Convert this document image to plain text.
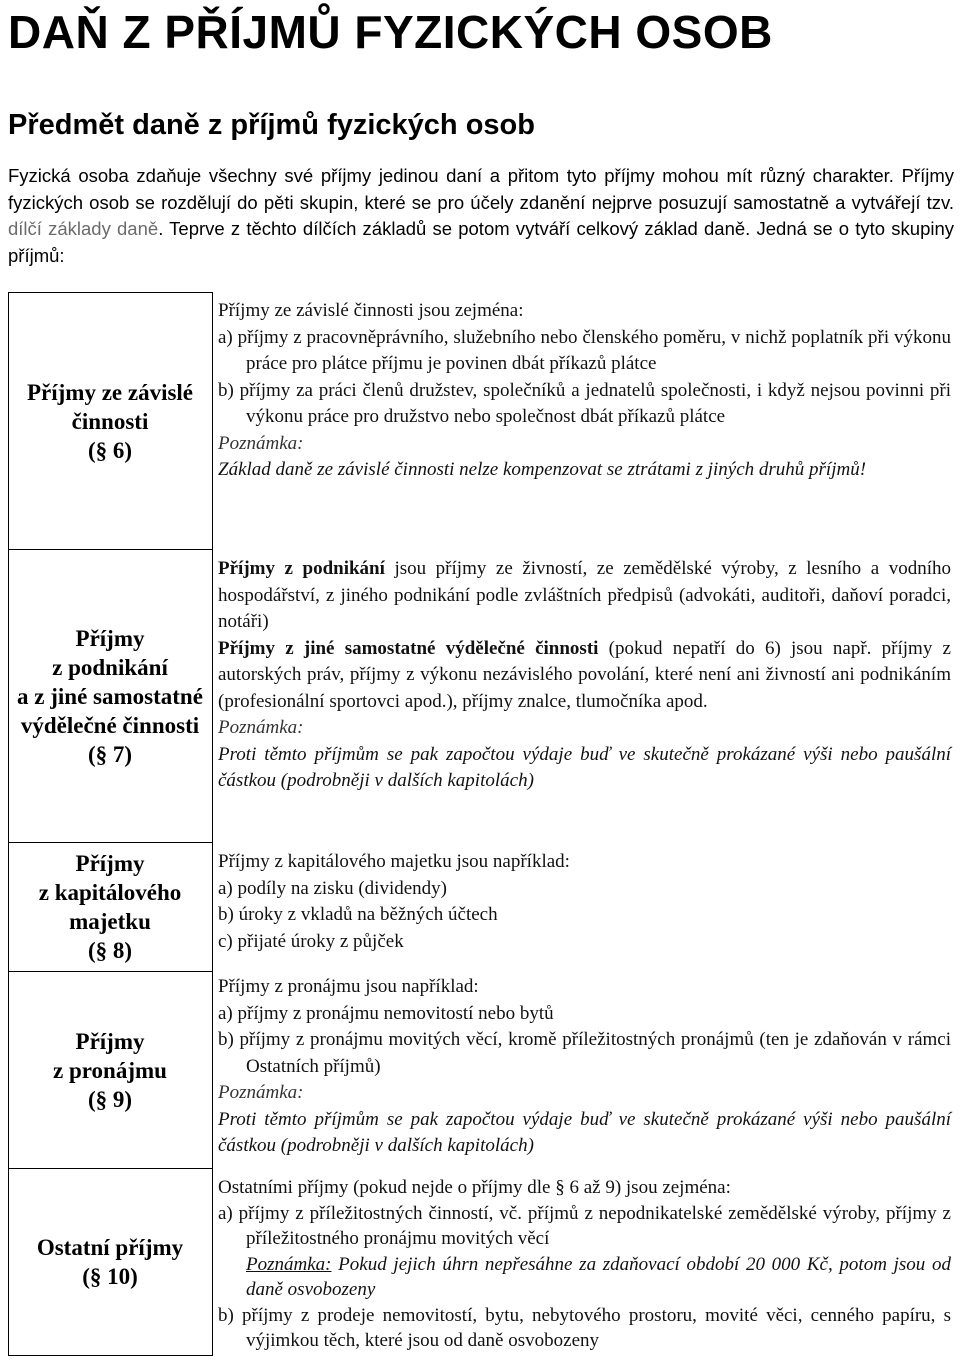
DAŇ Z PŘÍJMŮ FYZICKÝCH OSOB
Předmět daně z příjmů fyzických osob

Fyzická osoba zdaňuje všechny své příjmy jedinou daní a přitom tyto příjmy mohou mít různý charakter. Příjmy fyzických osob se rozdělují do pěti skupin, které se pro účely zdanění nejprve posuzují samostatně a vytvářejí tzv. dílčí základy daně. Teprve z těchto dílčích základů se potom vytváří celkový základ daně. Jedná se o tyto skupiny příjmů:

Příjmy ze závislé
činnosti
(§ 6)

Příjmy ze závislé činnosti jsou zejména:

a) příjmy z pracovněprávního, služebního nebo členského poměru, v nichž poplatník při výkonu práce pro plátce příjmu je povinen dbát příkazů plátce

b) příjmy za práci členů družstev, společníků a jednatelů společnosti, i když nejsou povinni při výkonu práce pro družstvo nebo společnost dbát příkazů plátce

Poznámka:

Základ daně ze závislé činnosti nelze kompenzovat se ztrátami z jiných druhů příjmů!

Příjmy
z podnikání
a z jiné samostatné
výdělečné činnosti
(§ 7)

Příjmy z podnikání jsou příjmy ze živností, ze zemědělské výroby, z lesního a vodního hospodářství, z jiného podnikání podle zvláštních předpisů (advokáti, auditoři, daňoví poradci, notáři)

Příjmy z jiné samostatné výdělečné činnosti (pokud nepatří do 6) jsou např. příjmy z autorských práv, příjmy z výkonu nezávislého povolání, které není ani živností ani podnikáním (profesionální sportovci apod.), příjmy znalce, tlumočníka apod.

Poznámka:

Proti těmto příjmům se pak započtou výdaje buď ve skutečně prokázané výši nebo paušální částkou (podrobněji v dalších kapitolách)

Příjmy
z kapitálového
majetku
(§ 8)

Příjmy z kapitálového majetku jsou například:

a) podíly na zisku (dividendy)

b) úroky z vkladů na běžných účtech

c) přijaté úroky z půjček

Příjmy
z pronájmu
(§ 9)

Příjmy z pronájmu jsou například:

a) příjmy z pronájmu nemovitostí nebo bytů

b) příjmy z pronájmu movitých věcí, kromě příležitostných pronájmů (ten je zdaňován v rámci Ostatních příjmů)

Poznámka:

Proti těmto příjmům se pak započtou výdaje buď ve skutečně prokázané výši nebo paušální částkou (podrobněji v dalších kapitolách)

Ostatní příjmy
(§ 10)

Ostatními příjmy (pokud nejde o příjmy dle § 6 až 9) jsou zejména:

a) příjmy z příležitostných činností, vč. příjmů z nepodnikatelské zemědělské výroby, příjmy z příležitostného pronájmu movitých věcí

Poznámka: Pokud jejich úhrn nepřesáhne za zdaňovací období 20 000 Kč, potom jsou od daně osvobozeny

b) příjmy z prodeje nemovitostí, bytu, nebytového prostoru, movité věci, cenného papíru, s výjimkou těch, které jsou od daně osvobozeny
